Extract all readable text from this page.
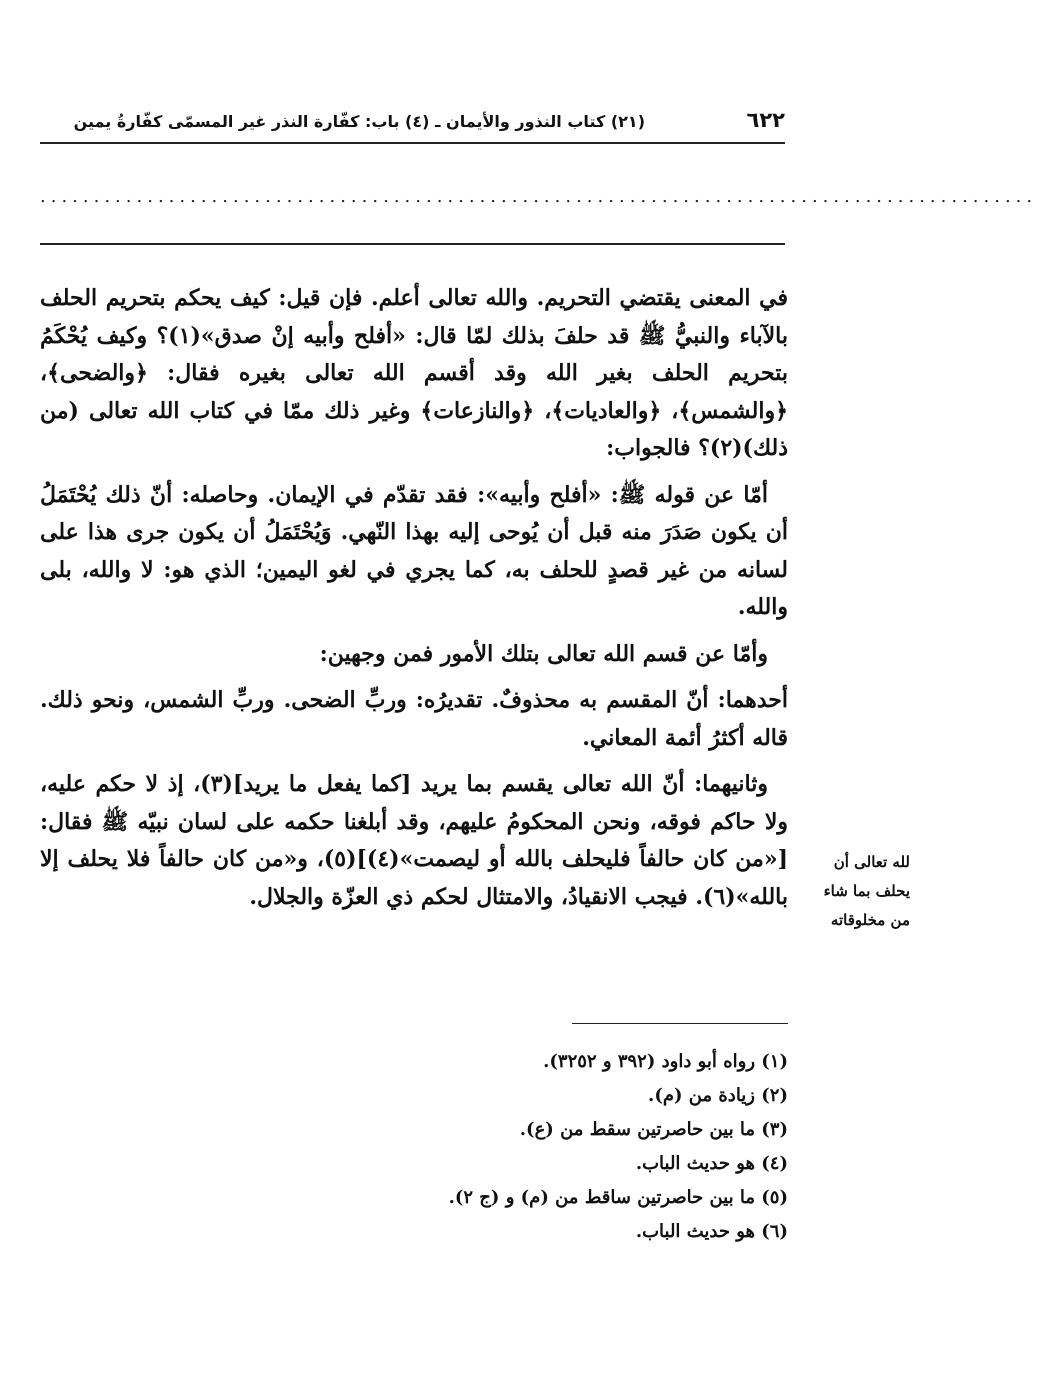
٦٢٢
(٢١) كتاب النذور والأيمان ـ (٤) باب: كفّارة النذر غير المسمّى كفّارةُ يمين
.............................................................................................

في المعنى يقتضي التحريم. والله تعالى أعلم. فإن قيل: كيف يحكم بتحريم الحلف بالآباء والنبيُّ ﷺ قد حلفَ بذلك لمّا قال: «أفلح وأبيه إنْ صدق»(١)؟ وكيف يُحْكَمُ بتحريم الحلف بغير الله وقد أقسم الله تعالى بغيره فقال: ﴿والضحى﴾، ﴿والشمس﴾، ﴿والعاديات﴾، ﴿والنازعات﴾ وغير ذلك ممّا في كتاب الله تعالى (من ذلك)(٢)؟ فالجواب:

أمّا عن قوله ﷺ: «أفلح وأبيه»: فقد تقدّم في الإيمان. وحاصله: أنّ ذلك يُحْتَمَلُ أن يكون صَدَرَ منه قبل أن يُوحى إليه بهذا النّهي. وَيُحْتَمَلُ أن يكون جرى هذا على لسانه من غير قصدٍ للحلف به، كما يجري في لغو اليمين؛ الذي هو: لا والله، بلى والله.

وأمّا عن قسم الله تعالى بتلك الأمور فمن وجهين:

أحدهما: أنّ المقسم به محذوفٌ. تقديرُه: وربِّ الضحى. وربِّ الشمس، ونحو ذلك. قاله أكثرُ أئمة المعاني.

وثانيهما: أنّ الله تعالى يقسم بما يريد [كما يفعل ما يريد](٣)، إذ لا حكم عليه، ولا حاكم فوقه، ونحن المحكومُ عليهم، وقد أبلغنا حكمه على لسان نبيّه ﷺ فقال: [«من كان حالفاً فليحلف بالله أو ليصمت»(٤)](٥)، و«من كان حالفاً فلا يحلف إلا بالله»(٦). فيجب الانقيادُ، والامتثال لحكم ذي العزّة والجلال.

لله تعالى أن يحلف بما شاء من مخلوقاته
(١) رواه أبو داود (٣٩٢ و ٣٢٥٢).
(٢) زيادة من (م).
(٣) ما بين حاصرتين سقط من (ع).
(٤) هو حديث الباب.
(٥) ما بين حاصرتين ساقط من (م) و (ج ٢).
(٦) هو حديث الباب.
